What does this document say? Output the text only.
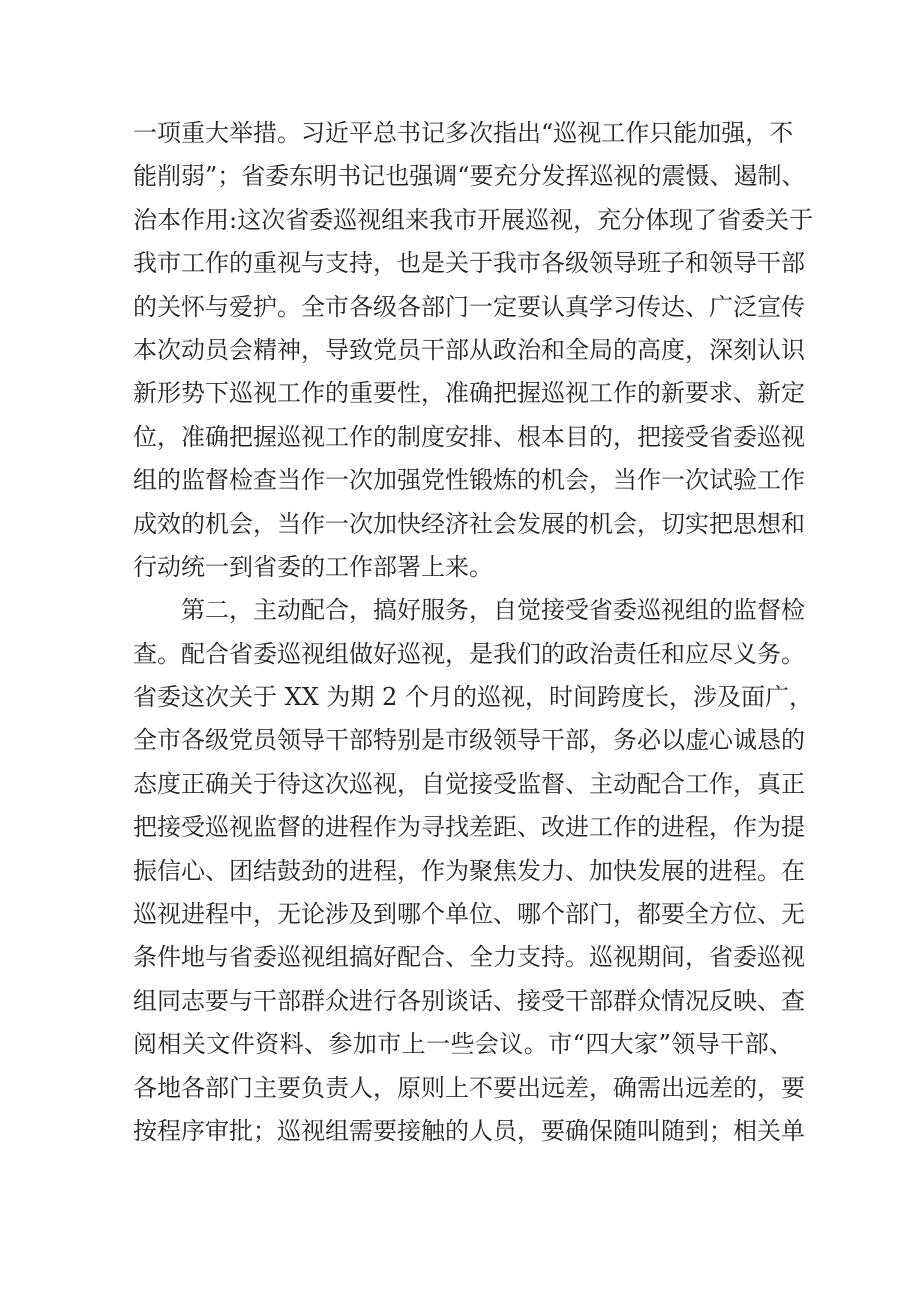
一项重大举措。习近平总书记多次指出“巡视工作只能加强，不
能削弱”；省委东明书记也强调“要充分发挥巡视的震慑、遏制、
治本作用:这次省委巡视组来我市开展巡视，充分体现了省委关于
我市工作的重视与支持，也是关于我市各级领导班子和领导干部
的关怀与爱护。全市各级各部门一定要认真学习传达、广泛宣传
本次动员会精神，导致党员干部从政治和全局的高度，深刻认识
新形势下巡视工作的重要性，准确把握巡视工作的新要求、新定
位，准确把握巡视工作的制度安排、根本目的，把接受省委巡视
组的监督检查当作一次加强党性锻炼的机会，当作一次试验工作
成效的机会，当作一次加快经济社会发展的机会，切实把思想和
行动统一到省委的工作部署上来。
第二，主动配合，搞好服务，自觉接受省委巡视组的监督检
查。配合省委巡视组做好巡视，是我们的政治责任和应尽义务。
省委这次关于 XX 为期 2 个月的巡视，时间跨度长，涉及面广，
全市各级党员领导干部特别是市级领导干部，务必以虚心诚恳的
态度正确关于待这次巡视，自觉接受监督、主动配合工作，真正
把接受巡视监督的进程作为寻找差距、改进工作的进程，作为提
振信心、团结鼓劲的进程，作为聚焦发力、加快发展的进程。在
巡视进程中，无论涉及到哪个单位、哪个部门，都要全方位、无
条件地与省委巡视组搞好配合、全力支持。巡视期间，省委巡视
组同志要与干部群众进行各别谈话、接受干部群众情况反映、查
阅相关文件资料、参加市上一些会议。市“四大家”领导干部、
各地各部门主要负责人，原则上不要出远差，确需出远差的，要
按程序审批；巡视组需要接触的人员，要确保随叫随到；相关单
